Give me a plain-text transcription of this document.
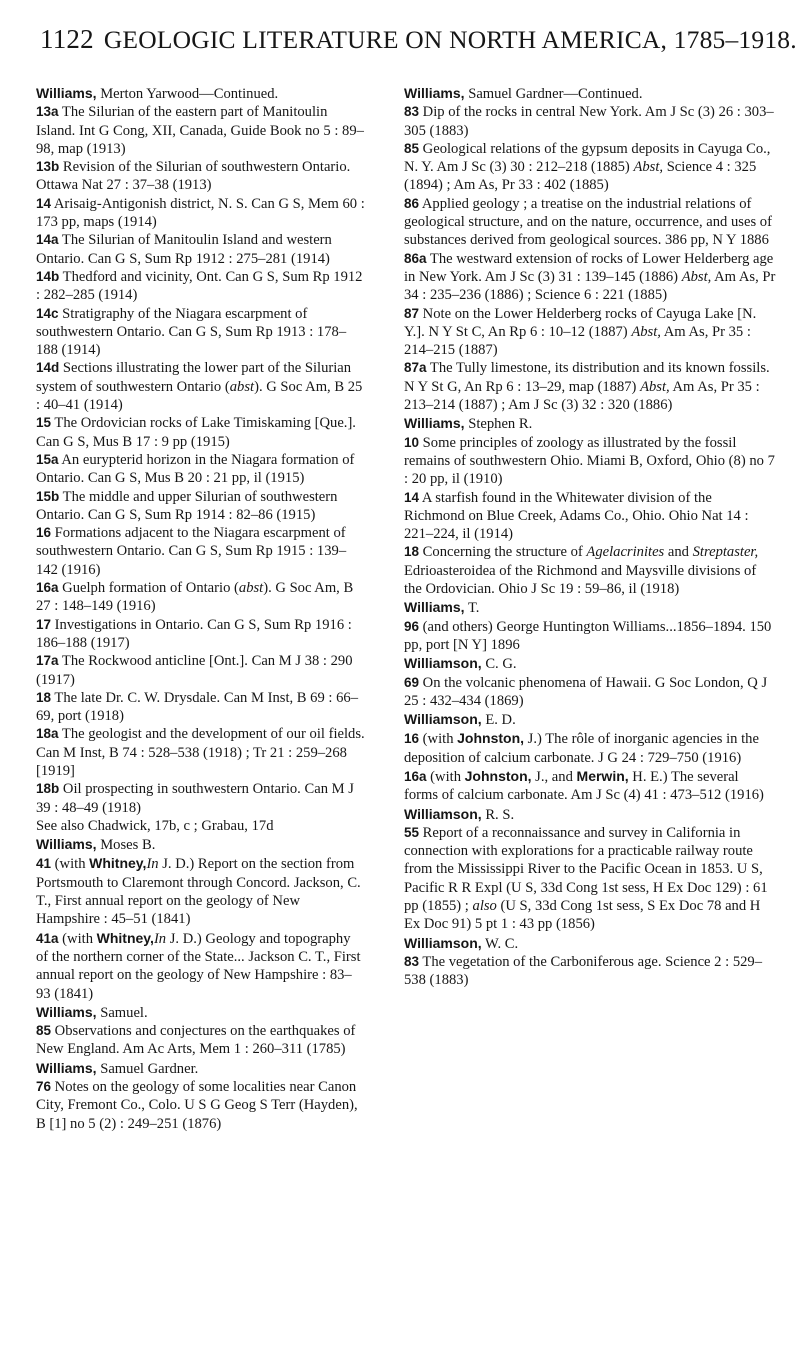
1122 GEOLOGIC LITERATURE ON NORTH AMERICA, 1785–1918.

Williams, Merton Yarwood—Continued.

13a The Silurian of the eastern part of Manitoulin Island. Int G Cong, XII, Canada, Guide Book no 5 : 89–98, map (1913)

13b Revision of the Silurian of southwestern Ontario. Ottawa Nat 27 : 37–38 (1913)

14 Arisaig-Antigonish district, N. S. Can G S, Mem 60 : 173 pp, maps (1914)

14a The Silurian of Manitoulin Island and western Ontario. Can G S, Sum Rp 1912 : 275–281 (1914)

14b Thedford and vicinity, Ont. Can G S, Sum Rp 1912 : 282–285 (1914)

14c Stratigraphy of the Niagara escarpment of southwestern Ontario. Can G S, Sum Rp 1913 : 178–188 (1914)

14d Sections illustrating the lower part of the Silurian system of southwestern Ontario (abst). G Soc Am, B 25 : 40–41 (1914)

15 The Ordovician rocks of Lake Timiskaming [Que.]. Can G S, Mus B 17 : 9 pp (1915)

15a An eurypterid horizon in the Niagara formation of Ontario. Can G S, Mus B 20 : 21 pp, il (1915)

15b The middle and upper Silurian of southwestern Ontario. Can G S, Sum Rp 1914 : 82–86 (1915)

16 Formations adjacent to the Niagara escarpment of southwestern Ontario. Can G S, Sum Rp 1915 : 139–142 (1916)

16a Guelph formation of Ontario (abst). G Soc Am, B 27 : 148–149 (1916)

17 Investigations in Ontario. Can G S, Sum Rp 1916 : 186–188 (1917)

17a The Rockwood anticline [Ont.]. Can M J 38 : 290 (1917)

18 The late Dr. C. W. Drysdale. Can M Inst, B 69 : 66–69, port (1918)

18a The geologist and the development of our oil fields. Can M Inst, B 74 : 528–538 (1918) ; Tr 21 : 259–268 [1919]

18b Oil prospecting in southwestern Ontario. Can M J 39 : 48–49 (1918)

See also Chadwick, 17b, c ; Grabau, 17d

Williams, Moses B.

41 (with Whitney,In J. D.) Report on the section from Portsmouth to Claremont through Concord. Jackson, C. T., First annual report on the geology of New Hampshire : 45–51 (1841)

41a (with Whitney,In J. D.) Geology and topography of the northern corner of the State... Jackson C. T., First annual report on the geology of New Hampshire : 83–93 (1841)

Williams, Samuel.

85 Observations and conjectures on the earthquakes of New England. Am Ac Arts, Mem 1 : 260–311 (1785)

Williams, Samuel Gardner.

76 Notes on the geology of some localities near Canon City, Fremont Co., Colo. U S G Geog S Terr (Hayden), B [1] no 5 (2) : 249–251 (1876)

Williams, Samuel Gardner—Continued.

83 Dip of the rocks in central New York. Am J Sc (3) 26 : 303–305 (1883)

85 Geological relations of the gypsum deposits in Cayuga Co., N. Y. Am J Sc (3) 30 : 212–218 (1885) Abst, Science 4 : 325 (1894) ; Am As, Pr 33 : 402 (1885)

86 Applied geology ; a treatise on the industrial relations of geological structure, and on the nature, occurrence, and uses of substances derived from geological sources. 386 pp, N Y 1886

86a The westward extension of rocks of Lower Helderberg age in New York. Am J Sc (3) 31 : 139–145 (1886) Abst, Am As, Pr 34 : 235–236 (1886) ; Science 6 : 221 (1885)

87 Note on the Lower Helderberg rocks of Cayuga Lake [N. Y.]. N Y St C, An Rp 6 : 10–12 (1887) Abst, Am As, Pr 35 : 214–215 (1887)

87a The Tully limestone, its distribution and its known fossils. N Y St G, An Rp 6 : 13–29, map (1887) Abst, Am As, Pr 35 : 213–214 (1887) ; Am J Sc (3) 32 : 320 (1886)

Williams, Stephen R.

10 Some principles of zoology as illustrated by the fossil remains of southwestern Ohio. Miami B, Oxford, Ohio (8) no 7 : 20 pp, il (1910)

14 A starfish found in the Whitewater division of the Richmond on Blue Creek, Adams Co., Ohio. Ohio Nat 14 : 221–224, il (1914)

18 Concerning the structure of Agelacrinites and Streptaster, Edrioasteroidea of the Richmond and Maysville divisions of the Ordovician. Ohio J Sc 19 : 59–86, il (1918)

Williams, T.

96 (and others) George Huntington Williams...1856–1894. 150 pp, port [N Y] 1896

Williamson, C. G.

69 On the volcanic phenomena of Hawaii. G Soc London, Q J 25 : 432–434 (1869)

Williamson, E. D.

16 (with Johnston, J.) The rôle of inorganic agencies in the deposition of calcium carbonate. J G 24 : 729–750 (1916)

16a (with Johnston, J., and Merwin, H. E.) The several forms of calcium carbonate. Am J Sc (4) 41 : 473–512 (1916)

Williamson, R. S.

55 Report of a reconnaissance and survey in California in connection with explorations for a practicable railway route from the Mississippi River to the Pacific Ocean in 1853. U S, Pacific R R Expl (U S, 33d Cong 1st sess, H Ex Doc 129) : 61 pp (1855) ; also (U S, 33d Cong 1st sess, S Ex Doc 78 and H Ex Doc 91) 5 pt 1 : 43 pp (1856)

Williamson, W. C.

83 The vegetation of the Carboniferous age. Science 2 : 529–538 (1883)
